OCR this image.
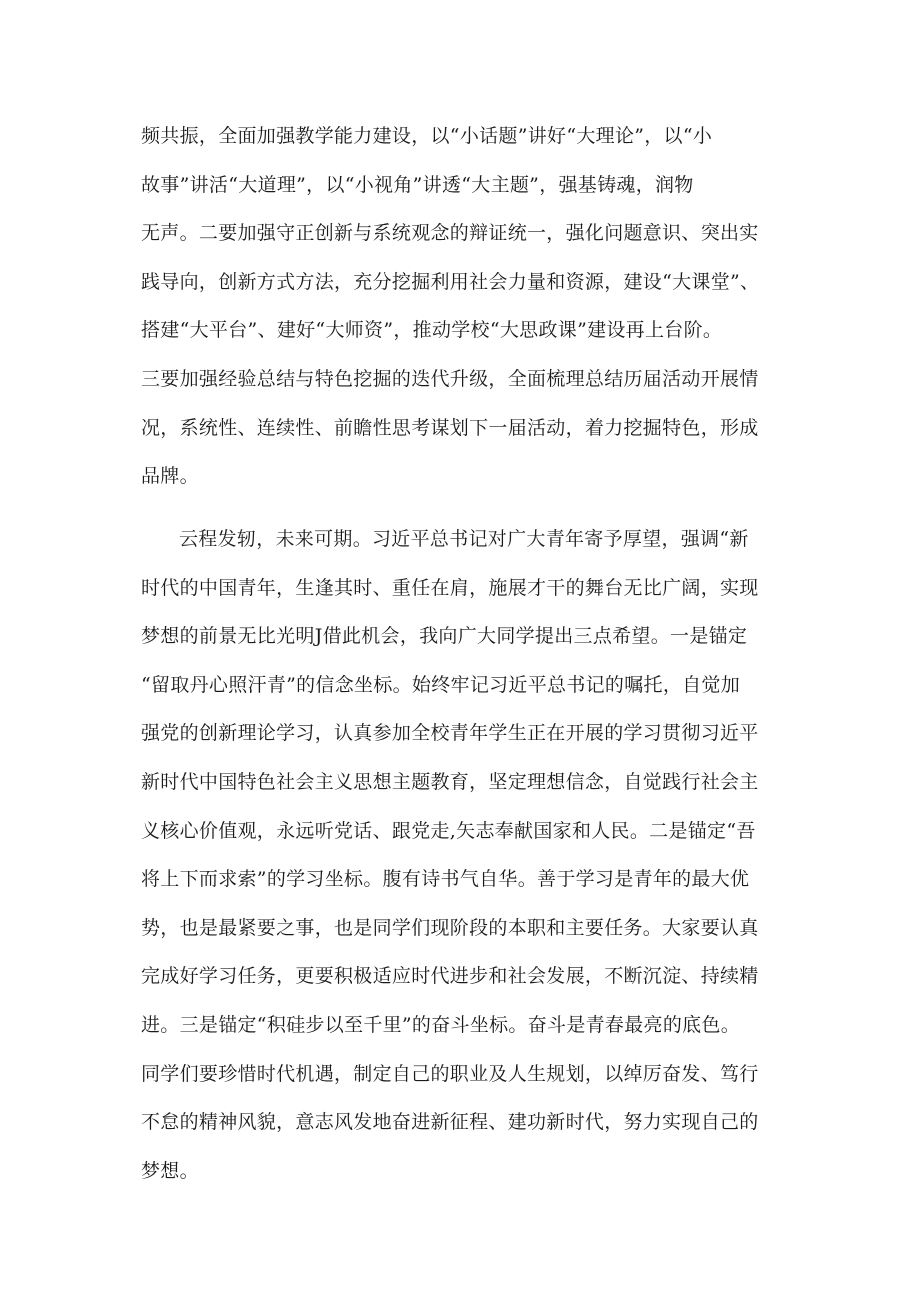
频共振，全面加强教学能力建设，以“小话题”讲好“大理论”，以“小
故事”讲活“大道理”，以“小视角”讲透“大主题”，强基铸魂，润物
无声。二要加强守正创新与系统观念的辩证统一，强化问题意识、突出实
践导向，创新方式方法，充分挖掘利用社会力量和资源，建设“大课堂”、
搭建“大平台”、建好“大师资”，推动学校“大思政课”建设再上台阶。
三要加强经验总结与特色挖掘的迭代升级，全面梳理总结历届活动开展情
况，系统性、连续性、前瞻性思考谋划下一届活动，着力挖掘特色，形成
品牌。
云程发轫，未来可期。习近平总书记对广大青年寄予厚望，强调“新
时代的中国青年，生逢其时、重任在肩，施展才干的舞台无比广阔，实现
梦想的前景无比光明J借此机会，我向广大同学提出三点希望。一是锚定
“留取丹心照汗青”的信念坐标。始终牢记习近平总书记的嘱托，自觉加
强党的创新理论学习，认真参加全校青年学生正在开展的学习贯彻习近平
新时代中国特色社会主义思想主题教育，坚定理想信念，自觉践行社会主
义核心价值观，永远听党话、跟党走,矢志奉献国家和人民。二是锚定“吾
将上下而求索”的学习坐标。腹有诗书气自华。善于学习是青年的最大优
势，也是最紧要之事，也是同学们现阶段的本职和主要任务。大家要认真
完成好学习任务，更要积极适应时代进步和社会发展，不断沉淀、持续精
进。三是锚定“积硅步以至千里”的奋斗坐标。奋斗是青春最亮的底色。
同学们要珍惜时代机遇，制定自己的职业及人生规划，以绰厉奋发、笃行
不怠的精神风貌，意志风发地奋进新征程、建功新时代，努力实现自己的
梦想。
